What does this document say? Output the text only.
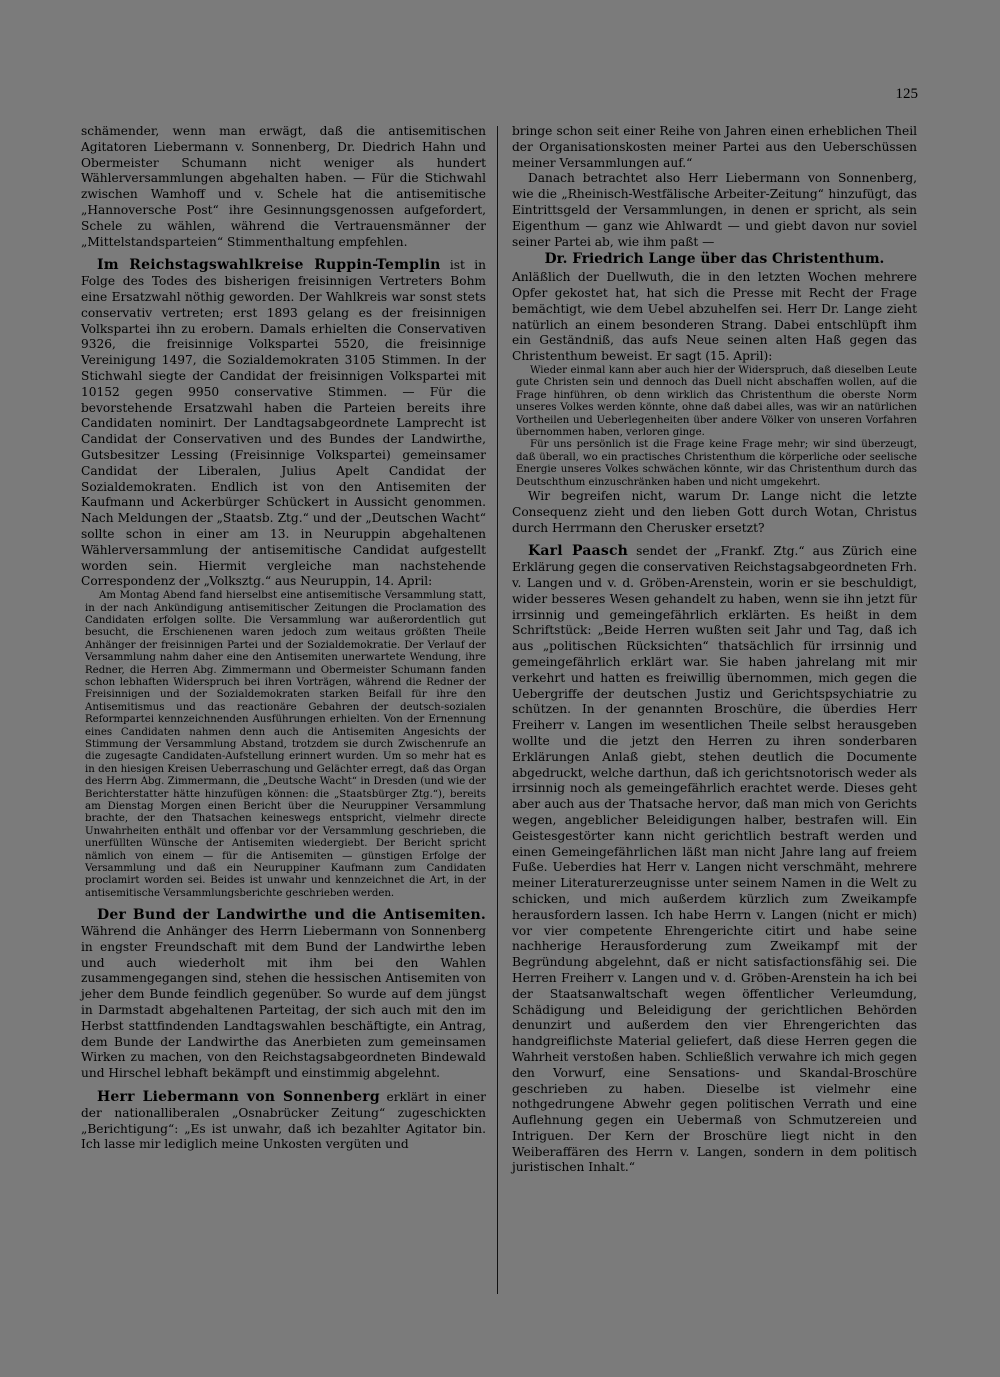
125

schämender, wenn man erwägt, daß die antisemitischen Agitatoren Liebermann v. Sonnenberg, Dr. Diedrich Hahn und Obermeister Schumann nicht weniger als hundert Wählerversammlungen abgehalten haben. — Für die Stichwahl zwischen Wamhoff und v. Schele hat die antisemitische „Hannoversche Post“ ihre Gesinnungsgenossen aufgefordert, Schele zu wählen, während die Vertrauensmänner der „Mittelstandsparteien“ Stimmenthaltung empfehlen.

Im Reichstagswahlkreise Ruppin-Templin ist in Folge des Todes des bisherigen freisinnigen Vertreters Bohm eine Ersatzwahl nöthig geworden. Der Wahlkreis war sonst stets conservativ vertreten; erst 1893 gelang es der freisinnigen Volkspartei ihn zu erobern. Damals erhielten die Conservativen 9326, die freisinnige Volkspartei 5520, die freisinnige Vereinigung 1497, die Sozialdemokraten 3105 Stimmen. In der Stichwahl siegte der Candidat der freisinnigen Volkspartei mit 10152 gegen 9950 conservative Stimmen. — Für die bevorstehende Ersatzwahl haben die Parteien bereits ihre Candidaten nominirt. Der Landtagsabgeordnete Lamprecht ist Candidat der Conservativen und des Bundes der Landwirthe, Gutsbesitzer Lessing (Freisinnige Volkspartei) gemeinsamer Candidat der Liberalen, Julius Apelt Candidat der Sozialdemokraten. Endlich ist von den Antisemiten der Kaufmann und Ackerbürger Schückert in Aussicht genommen. Nach Meldungen der „Staatsb. Ztg.“ und der „Deutschen Wacht“ sollte schon in einer am 13. in Neuruppin abgehaltenen Wählerversammlung der antisemitische Candidat aufgestellt worden sein. Hiermit vergleiche man nachstehende Correspondenz der „Volksztg.“ aus Neuruppin, 14. April:

Am Montag Abend fand hierselbst eine antisemitische Versammlung statt, in der nach Ankündigung antisemitischer Zeitungen die Proclamation des Candidaten erfolgen sollte. Die Versammlung war außerordentlich gut besucht, die Erschienenen waren jedoch zum weitaus größten Theile Anhänger der freisinnigen Partei und der Sozialdemokratie. Der Verlauf der Versammlung nahm daher eine den Antisemiten unerwartete Wendung, ihre Redner, die Herren Abg. Zimmermann und Obermeister Schumann fanden schon lebhaften Widerspruch bei ihren Vorträgen, während die Redner der Freisinnigen und der Sozialdemokraten starken Beifall für ihre den Antisemitismus und das reactionäre Gebahren der deutsch-sozialen Reformpartei kennzeichnenden Ausführungen erhielten. Von der Ernennung eines Candidaten nahmen denn auch die Antisemiten Angesichts der Stimmung der Versammlung Abstand, trotzdem sie durch Zwischenrufe an die zugesagte Candidaten-Aufstellung erinnert wurden. Um so mehr hat es in den hiesigen Kreisen Ueberraschung und Gelächter erregt, daß das Organ des Herrn Abg. Zimmermann, die „Deutsche Wacht“ in Dresden (und wie der Berichterstatter hätte hinzufügen können: die „Staatsbürger Ztg.“), bereits am Dienstag Morgen einen Bericht über die Neuruppiner Versammlung brachte, der den Thatsachen keineswegs entspricht, vielmehr directe Unwahrheiten enthält und offenbar vor der Versammlung geschrieben, die unerfüllten Wünsche der Antisemiten wiedergiebt. Der Bericht spricht nämlich von einem — für die Antisemiten — günstigen Erfolge der Versammlung und daß ein Neuruppiner Kaufmann zum Candidaten proclamirt worden sei. Beides ist unwahr und kennzeichnet die Art, in der antisemitische Versammlungsberichte geschrieben werden.

Der Bund der Landwirthe und die Antisemiten. Während die Anhänger des Herrn Liebermann von Sonnenberg in engster Freundschaft mit dem Bund der Landwirthe leben und auch wiederholt mit ihm bei den Wahlen zusammengegangen sind, stehen die hessischen Antisemiten von jeher dem Bunde feindlich gegenüber. So wurde auf dem jüngst in Darmstadt abgehaltenen Parteitag, der sich auch mit den im Herbst stattfindenden Landtagswahlen beschäftigte, ein Antrag, dem Bunde der Landwirthe das Anerbieten zum gemeinsamen Wirken zu machen, von den Reichstagsabgeordneten Bindewald und Hirschel lebhaft bekämpft und einstimmig abgelehnt.

Herr Liebermann von Sonnenberg erklärt in einer der nationalliberalen „Osnabrücker Zeitung“ zugeschickten „Berichtigung“: „Es ist unwahr, daß ich bezahlter Agitator bin. Ich lasse mir lediglich meine Unkosten vergüten und

bringe schon seit einer Reihe von Jahren einen erheblichen Theil der Organisationskosten meiner Partei aus den Ueberschüssen meiner Versammlungen auf.“

Danach betrachtet also Herr Liebermann von Sonnenberg, wie die „Rheinisch-Westfälische Arbeiter-Zeitung“ hinzufügt, das Eintrittsgeld der Versammlungen, in denen er spricht, als sein Eigenthum — ganz wie Ahlwardt — und giebt davon nur soviel seiner Partei ab, wie ihm paßt —

Dr. Friedrich Lange über das Christenthum.

Anläßlich der Duellwuth, die in den letzten Wochen mehrere Opfer gekostet hat, hat sich die Presse mit Recht der Frage bemächtigt, wie dem Uebel abzuhelfen sei. Herr Dr. Lange zieht natürlich an einem besonderen Strang. Dabei entschlüpft ihm ein Geständniß, das aufs Neue seinen alten Haß gegen das Christenthum beweist. Er sagt (15. April):

Wieder einmal kann aber auch hier der Widerspruch, daß dieselben Leute gute Christen sein und dennoch das Duell nicht abschaffen wollen, auf die Frage hinführen, ob denn wirklich das Christenthum die oberste Norm unseres Volkes werden könnte, ohne daß dabei alles, was wir an natürlichen Vortheilen und Ueberlegenheiten über andere Völker von unseren Vorfahren übernommen haben, verloren ginge.

Für uns persönlich ist die Frage keine Frage mehr; wir sind überzeugt, daß überall, wo ein practisches Christenthum die körperliche oder seelische Energie unseres Volkes schwächen könnte, wir das Christenthum durch das Deutschthum einzuschränken haben und nicht umgekehrt.

Wir begreifen nicht, warum Dr. Lange nicht die letzte Consequenz zieht und den lieben Gott durch Wotan, Christus durch Herrmann den Cherusker ersetzt?

Karl Paasch sendet der „Frankf. Ztg.“ aus Zürich eine Erklärung gegen die conservativen Reichstagsabgeordneten Frh. v. Langen und v. d. Gröben-Arenstein, worin er sie beschuldigt, wider besseres Wesen gehandelt zu haben, wenn sie ihn jetzt für irrsinnig und gemeingefährlich erklärten. Es heißt in dem Schriftstück: „Beide Herren wußten seit Jahr und Tag, daß ich aus „politischen Rücksichten“ thatsächlich für irrsinnig und gemeingefährlich erklärt war. Sie haben jahrelang mit mir verkehrt und hatten es freiwillig übernommen, mich gegen die Uebergriffe der deutschen Justiz und Gerichtspsychiatrie zu schützen. In der genannten Broschüre, die überdies Herr Freiherr v. Langen im wesentlichen Theile selbst herausgeben wollte und die jetzt den Herren zu ihren sonderbaren Erklärungen Anlaß giebt, stehen deutlich die Documente abgedruckt, welche darthun, daß ich gerichtsnotorisch weder als irrsinnig noch als gemeingefährlich erachtet werde. Dieses geht aber auch aus der Thatsache hervor, daß man mich von Gerichts wegen, angeblicher Beleidigungen halber, bestrafen will. Ein Geistesgestörter kann nicht gerichtlich bestraft werden und einen Gemeingefährlichen läßt man nicht Jahre lang auf freiem Fuße. Ueberdies hat Herr v. Langen nicht verschmäht, mehrere meiner Literaturerzeugnisse unter seinem Namen in die Welt zu schicken, und mich außerdem kürzlich zum Zweikampfe herausfordern lassen. Ich habe Herrn v. Langen (nicht er mich) vor vier competente Ehrengerichte citirt und habe seine nachherige Herausforderung zum Zweikampf mit der Begründung abgelehnt, daß er nicht satisfactionsfähig sei. Die Herren Freiherr v. Langen und v. d. Gröben-Arenstein ha ich bei der Staatsanwaltschaft wegen öffentlicher Verleumdung, Schädigung und Beleidigung der gerichtlichen Behörden denunzirt und außerdem den vier Ehrengerichten das handgreiflichste Material geliefert, daß diese Herren gegen die Wahrheit verstoßen haben. Schließlich verwahre ich mich gegen den Vorwurf, eine Sensations- und Skandal-Broschüre geschrieben zu haben. Dieselbe ist vielmehr eine nothgedrungene Abwehr gegen politischen Verrath und eine Auflehnung gegen ein Uebermaß von Schmutzereien und Intriguen. Der Kern der Broschüre liegt nicht in den Weiberaffären des Herrn v. Langen, sondern in dem politisch juristischen Inhalt.“
